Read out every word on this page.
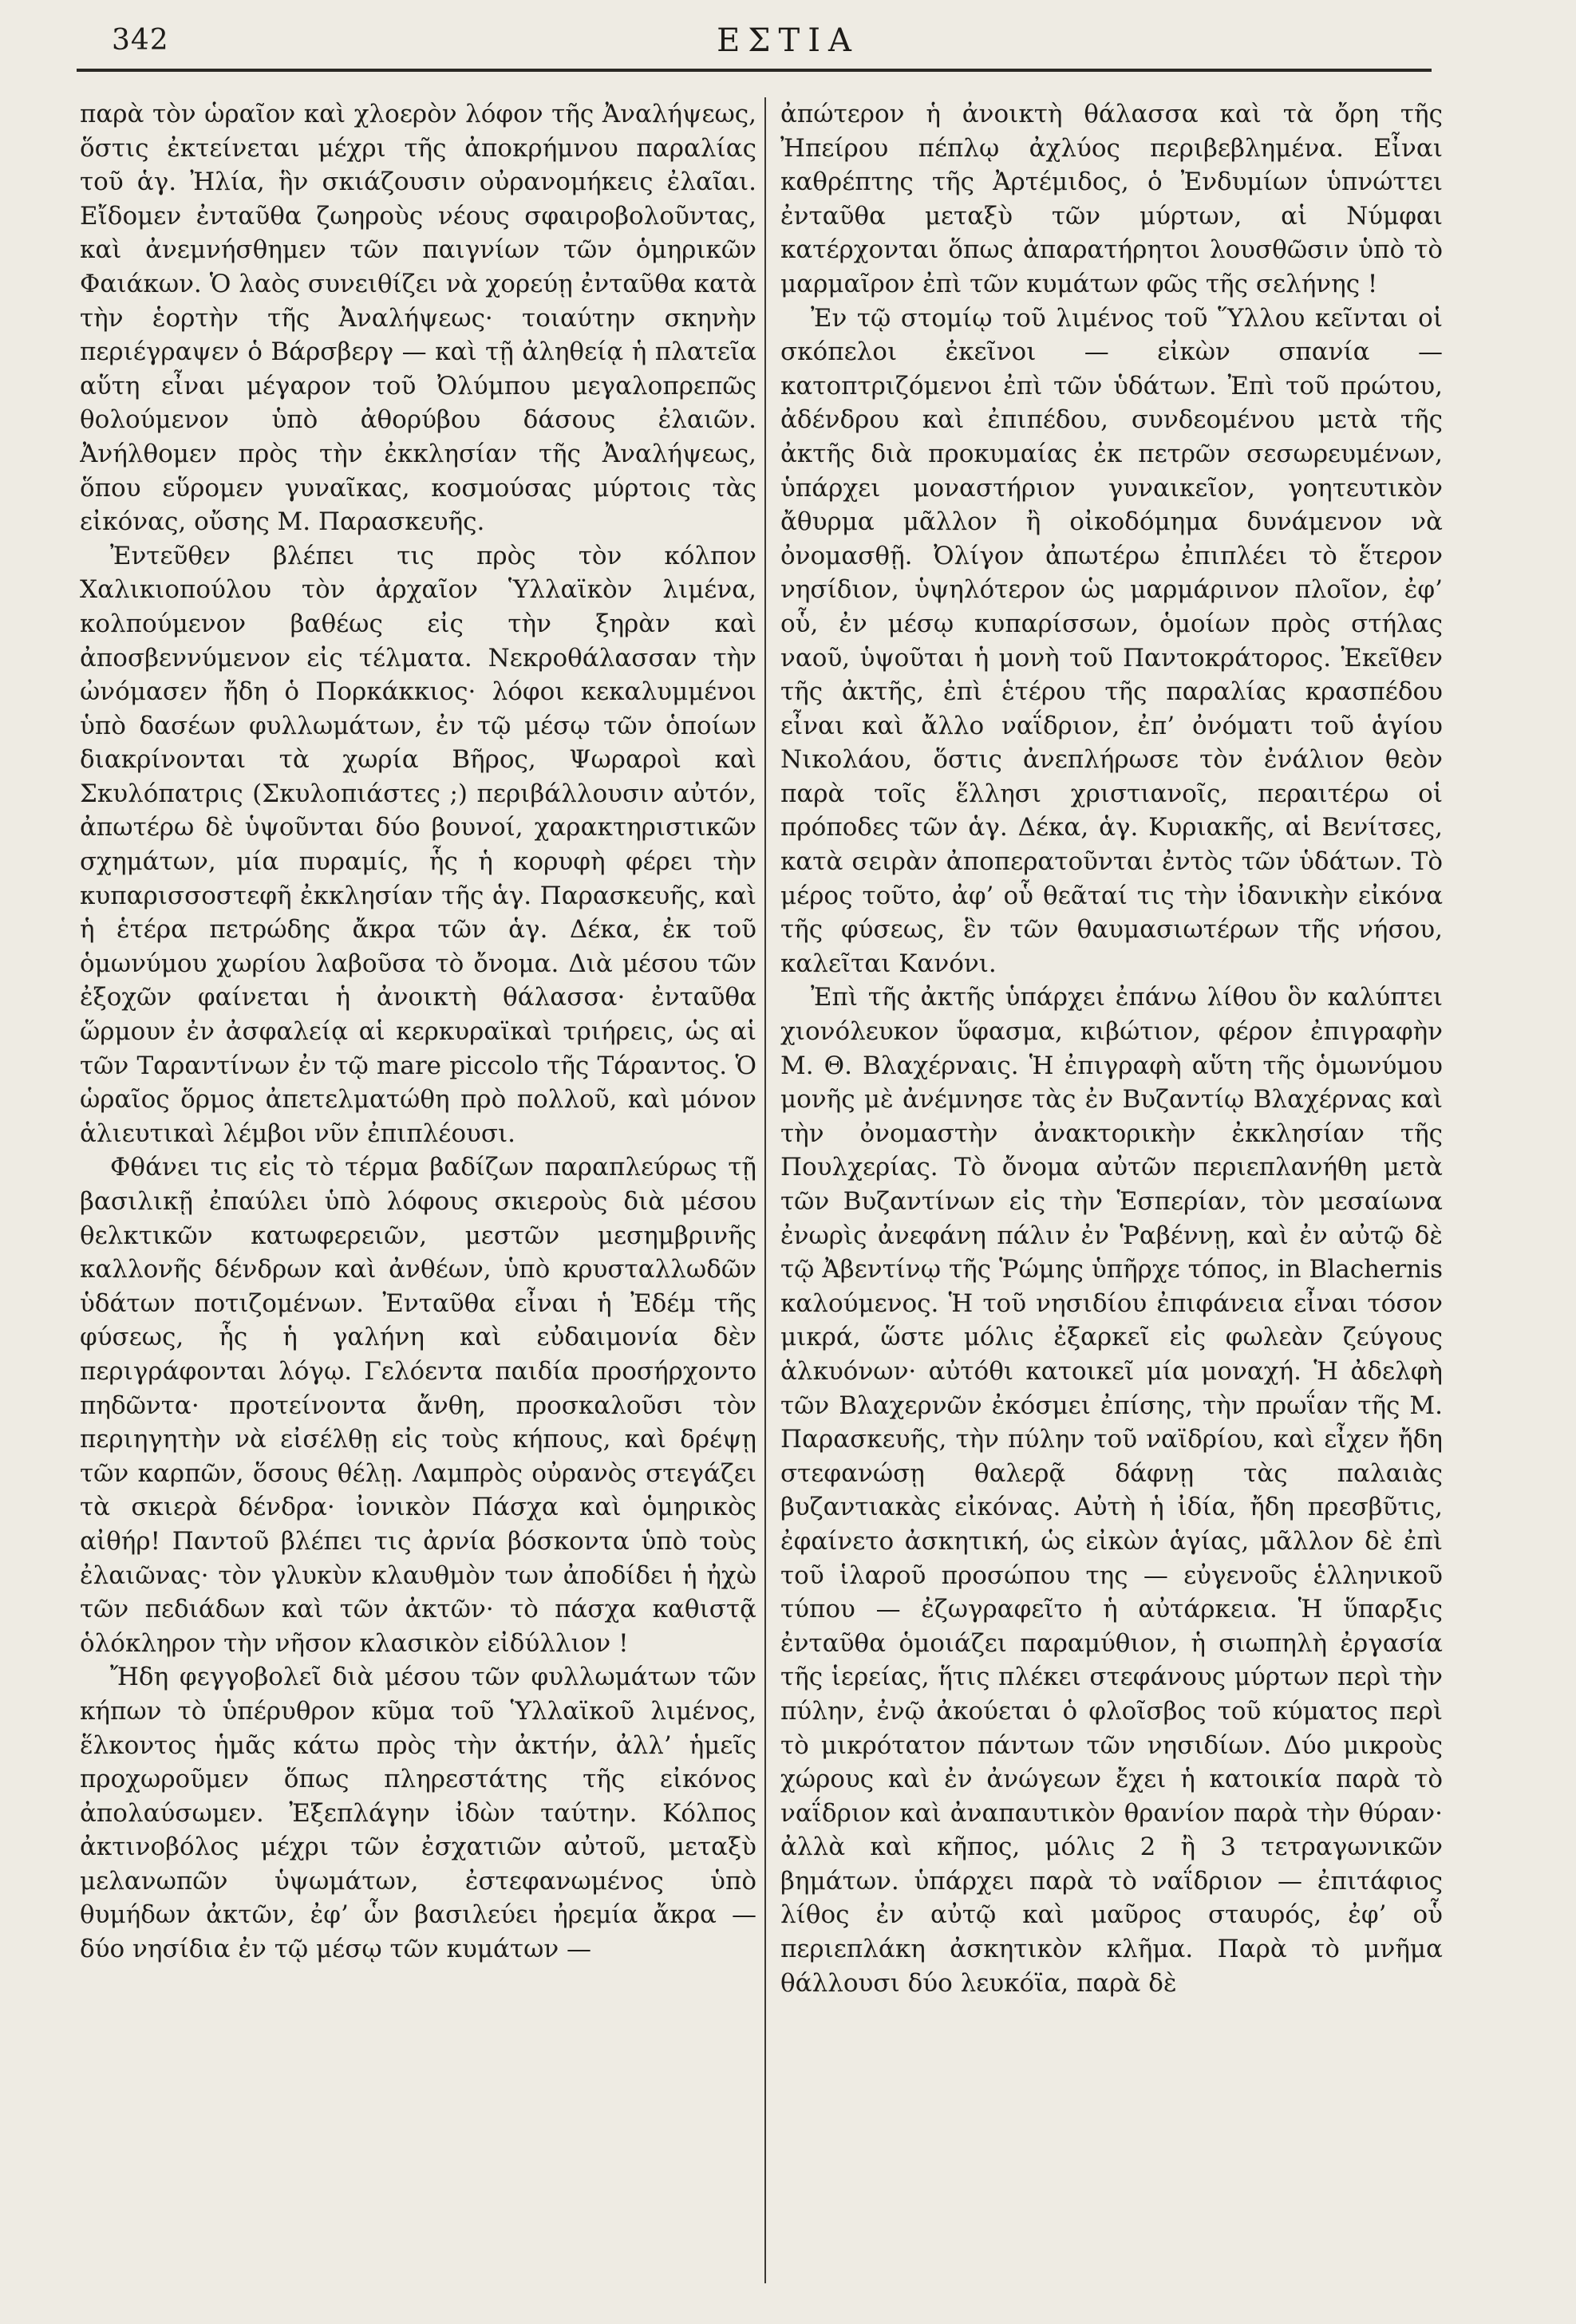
342	ΕΣΤΙΑ

παρὰ τὸν ὡραῖον καὶ χλοερὸν λόφον τῆς Ἀναλήψεως, ὅστις ἐκτείνεται μέχρι τῆς ἀποκρήμνου παραλίας τοῦ ἁγ. Ἠλία, ἣν σκιάζουσιν οὐρανομήκεις ἐλαῖαι. Εἴδομεν ἐνταῦθα ζωηροὺς νέους σφαιροβολοῦντας, καὶ ἀνεμνήσθημεν τῶν παιγνίων τῶν ὁμηρικῶν Φαιάκων. Ὁ λαὸς συνειθίζει νὰ χορεύῃ ἐνταῦθα κατὰ τὴν ἑορτὴν τῆς Ἀναλήψεως· τοιαύτην σκηνὴν περιέγραψεν ὁ Βάρσβεργ — καὶ τῇ ἀληθείᾳ ἡ πλατεῖα αὕτη εἶναι μέγαρον τοῦ Ὀλύμπου μεγαλοπρεπῶς θολούμενον ὑπὸ ἀθορύβου δάσους ἐλαιῶν. Ἀνήλθομεν πρὸς τὴν ἐκκλησίαν τῆς Ἀναλήψεως, ὅπου εὕρομεν γυναῖκας, κοσμούσας μύρτοις τὰς εἰκόνας, οὔσης Μ. Παρασκευῆς.

Ἐντεῦθεν βλέπει τις πρὸς τὸν κόλπον Χαλικιοπούλου τὸν ἀρχαῖον Ὑλλαϊκὸν λιμένα, κολπούμενον βαθέως εἰς τὴν ξηρὰν καὶ ἀποσβεννύμενον εἰς τέλματα. Νεκροθάλασσαν τὴν ὠνόμασεν ἤδη ὁ Πορκάκκιος· λόφοι κεκαλυμμένοι ὑπὸ δασέων φυλλωμάτων, ἐν τῷ μέσῳ τῶν ὁποίων διακρίνονται τὰ χωρία Βῆρος, Ψωραροὶ καὶ Σκυλόπατρις (Σκυλοπιάστες ;) περιβάλλουσιν αὐτόν, ἀπωτέρω δὲ ὑψοῦνται δύο βουνοί, χαρακτηριστικῶν σχημάτων, μία πυραμίς, ἧς ἡ κορυφὴ φέρει τὴν κυπαρισσοστεφῆ ἐκκλησίαν τῆς ἁγ. Παρασκευῆς, καὶ ἡ ἑτέρα πετρώδης ἄκρα τῶν ἁγ. Δέκα, ἐκ τοῦ ὁμωνύμου χωρίου λαβοῦσα τὸ ὄνομα. Διὰ μέσου τῶν ἐξοχῶν φαίνεται ἡ ἀνοικτὴ θάλασσα· ἐνταῦθα ὥρμουν ἐν ἀσφαλείᾳ αἱ κερκυραϊκαὶ τριήρεις, ὡς αἱ τῶν Ταραντίνων ἐν τῷ mare piccolo τῆς Τάραντος. Ὁ ὡραῖος ὅρμος ἀπετελματώθη πρὸ πολλοῦ, καὶ μόνον ἁλιευτικαὶ λέμβοι νῦν ἐπιπλέουσι.

Φθάνει τις εἰς τὸ τέρμα βαδίζων παραπλεύρως τῇ βασιλικῇ ἐπαύλει ὑπὸ λόφους σκιεροὺς διὰ μέσου θελκτικῶν κατωφερειῶν, μεστῶν μεσημβρινῆς καλλονῆς δένδρων καὶ ἀνθέων, ὑπὸ κρυσταλλωδῶν ὑδάτων ποτιζομένων. Ἐνταῦθα εἶναι ἡ Ἐδέμ τῆς φύσεως, ἧς ἡ γαλήνη καὶ εὐδαιμονία δὲν περιγράφονται λόγῳ. Γελόεντα παιδία προσήρχοντο πηδῶντα· προτείνοντα ἄνθη, προσκαλοῦσι τὸν περιηγητὴν νὰ εἰσέλθῃ εἰς τοὺς κήπους, καὶ δρέψῃ τῶν καρπῶν, ὅσους θέλῃ. Λαμπρὸς οὐρανὸς στεγάζει τὰ σκιερὰ δένδρα· ἰονικὸν Πάσχα καὶ ὁμηρικὸς αἰθήρ! Παντοῦ βλέπει τις ἀρνία βόσκοντα ὑπὸ τοὺς ἐλαιῶνας· τὸν γλυκὺν κλαυθμὸν των ἀποδίδει ἡ ἠχὼ τῶν πεδιάδων καὶ τῶν ἀκτῶν· τὸ πάσχα καθιστᾷ ὁλόκληρον τὴν νῆσον κλασικὸν εἰδύλλιον !

Ἤδη φεγγοβολεῖ διὰ μέσου τῶν φυλλωμάτων τῶν κήπων τὸ ὑπέρυθρον κῦμα τοῦ Ὑλλαϊκοῦ λιμένος, ἕλκοντος ἡμᾶς κάτω πρὸς τὴν ἀκτήν, ἀλλ’ ἡμεῖς προχωροῦμεν ὅπως πληρεστάτης τῆς εἰκόνος ἀπολαύσωμεν. Ἐξεπλάγην ἰδὼν ταύτην. Κόλπος ἀκτινοβόλος μέχρι τῶν ἐσχατιῶν αὐτοῦ, μεταξὺ μελανωπῶν ὑψωμάτων, ἐστεφανωμένος ὑπὸ θυμήδων ἀκτῶν, ἐφ’ ὧν βασιλεύει ἠρεμία ἄκρα — δύο νησίδια ἐν τῷ μέσῳ τῶν κυμάτων —

ἀπώτερον ἡ ἀνοικτὴ θάλασσα καὶ τὰ ὄρη τῆς Ἠπείρου πέπλῳ ἀχλύος περιβεβλημένα. Εἶναι καθρέπτης τῆς Ἀρτέμιδος, ὁ Ἐνδυμίων ὑπνώττει ἐνταῦθα μεταξὺ τῶν μύρτων, αἱ Νύμφαι κατέρχονται ὅπως ἀπαρατήρητοι λουσθῶσιν ὑπὸ τὸ μαρμαῖρον ἐπὶ τῶν κυμάτων φῶς τῆς σελήνης !

Ἐν τῷ στομίῳ τοῦ λιμένος τοῦ Ὕλλου κεῖνται οἱ σκόπελοι ἐκεῖνοι — εἰκὼν σπανία — κατοπτριζόμενοι ἐπὶ τῶν ὑδάτων. Ἐπὶ τοῦ πρώτου, ἀδένδρου καὶ ἐπιπέδου, συνδεομένου μετὰ τῆς ἀκτῆς διὰ προκυμαίας ἐκ πετρῶν σεσωρευμένων, ὑπάρχει μοναστήριον γυναικεῖον, γοητευτικὸν ἄθυρμα μᾶλλον ἢ οἰκοδόμημα δυνάμενον νὰ ὀνομασθῇ. Ὀλίγον ἀπωτέρω ἐπιπλέει τὸ ἕτερον νησίδιον, ὑψηλότερον ὡς μαρμάρινον πλοῖον, ἐφ’ οὗ, ἐν μέσῳ κυπαρίσσων, ὁμοίων πρὸς στήλας ναοῦ, ὑψοῦται ἡ μονὴ τοῦ Παντοκράτορος. Ἐκεῖθεν τῆς ἀκτῆς, ἐπὶ ἑτέρου τῆς παραλίας κρασπέδου εἶναι καὶ ἄλλο ναΐδριον, ἐπ’ ὀνόματι τοῦ ἁγίου Νικολάου, ὅστις ἀνεπλήρωσε τὸν ἐνάλιον θεὸν παρὰ τοῖς ἕλλησι χριστιανοῖς, περαιτέρω οἱ πρόποδες τῶν ἁγ. Δέκα, ἁγ. Κυριακῆς, αἱ Βενίτσες, κατὰ σειρὰν ἀποπερατοῦνται ἐντὸς τῶν ὑδάτων. Τὸ μέρος τοῦτο, ἀφ’ οὗ θεᾶταί τις τὴν ἰδανικὴν εἰκόνα τῆς φύσεως, ἓν τῶν θαυμασιωτέρων τῆς νήσου, καλεῖται Κανόνι.

Ἐπὶ τῆς ἀκτῆς ὑπάρχει ἐπάνω λίθου ὃν καλύπτει χιονόλευκον ὕφασμα, κιβώτιον, φέρον ἐπιγραφὴν Μ. Θ. Βλαχέρναις. Ἡ ἐπιγραφὴ αὕτη τῆς ὁμωνύμου μονῆς μὲ ἀνέμνησε τὰς ἐν Βυζαντίῳ Βλαχέρνας καὶ τὴν ὀνομαστὴν ἀνακτορικὴν ἐκκλησίαν τῆς Πουλχερίας. Τὸ ὄνομα αὐτῶν περιεπλανήθη μετὰ τῶν Βυζαντίνων εἰς τὴν Ἑσπερίαν, τὸν μεσαίωνα ἐνωρὶς ἀνεφάνη πάλιν ἐν Ῥαβέννῃ, καὶ ἐν αὐτῷ δὲ τῷ Ἀβεντίνῳ τῆς Ῥώμης ὑπῆρχε τόπος, in Blachernis καλούμενος. Ἡ τοῦ νησιδίου ἐπιφάνεια εἶναι τόσον μικρά, ὥστε μόλις ἐξαρκεῖ εἰς φωλεὰν ζεύγους ἁλκυόνων· αὐτόθι κατοικεῖ μία μοναχή. Ἡ ἀδελφὴ τῶν Βλαχερνῶν ἐκόσμει ἐπίσης, τὴν πρωΐαν τῆς Μ. Παρασκευῆς, τὴν πύλην τοῦ ναϊδρίου, καὶ εἶχεν ἤδη στεφανώσῃ θαλερᾷ δάφνῃ τὰς παλαιὰς βυζαντιακὰς εἰκόνας. Αὐτὴ ἡ ἰδία, ἤδη πρεσβῦτις, ἐφαίνετο ἀσκητική, ὡς εἰκὼν ἁγίας, μᾶλλον δὲ ἐπὶ τοῦ ἱλαροῦ προσώπου της — εὐγενοῦς ἑλληνικοῦ τύπου — ἐζωγραφεῖτο ἡ αὐτάρκεια. Ἡ ὕπαρξις ἐνταῦθα ὁμοιάζει παραμύθιον, ἡ σιωπηλὴ ἐργασία τῆς ἱερείας, ἥτις πλέκει στεφάνους μύρτων περὶ τὴν πύλην, ἐνῷ ἀκούεται ὁ φλοῖσβος τοῦ κύματος περὶ τὸ μικρότατον πάντων τῶν νησιδίων. Δύο μικροὺς χώρους καὶ ἐν ἀνώγεων ἔχει ἡ κατοικία παρὰ τὸ ναΐδριον καὶ ἀναπαυτικὸν θρανίον παρὰ τὴν θύραν· ἀλλὰ καὶ κῆπος, μόλις 2 ἢ 3 τετραγωνικῶν βημάτων. ὑπάρχει παρὰ τὸ ναΐδριον — ἐπιτάφιος λίθος ἐν αὐτῷ καὶ μαῦρος σταυρός, ἐφ’ οὗ περιεπλάκη ἀσκητικὸν κλῆμα. Παρὰ τὸ μνῆμα θάλλουσι δύο λευκόϊα, παρὰ δὲ
